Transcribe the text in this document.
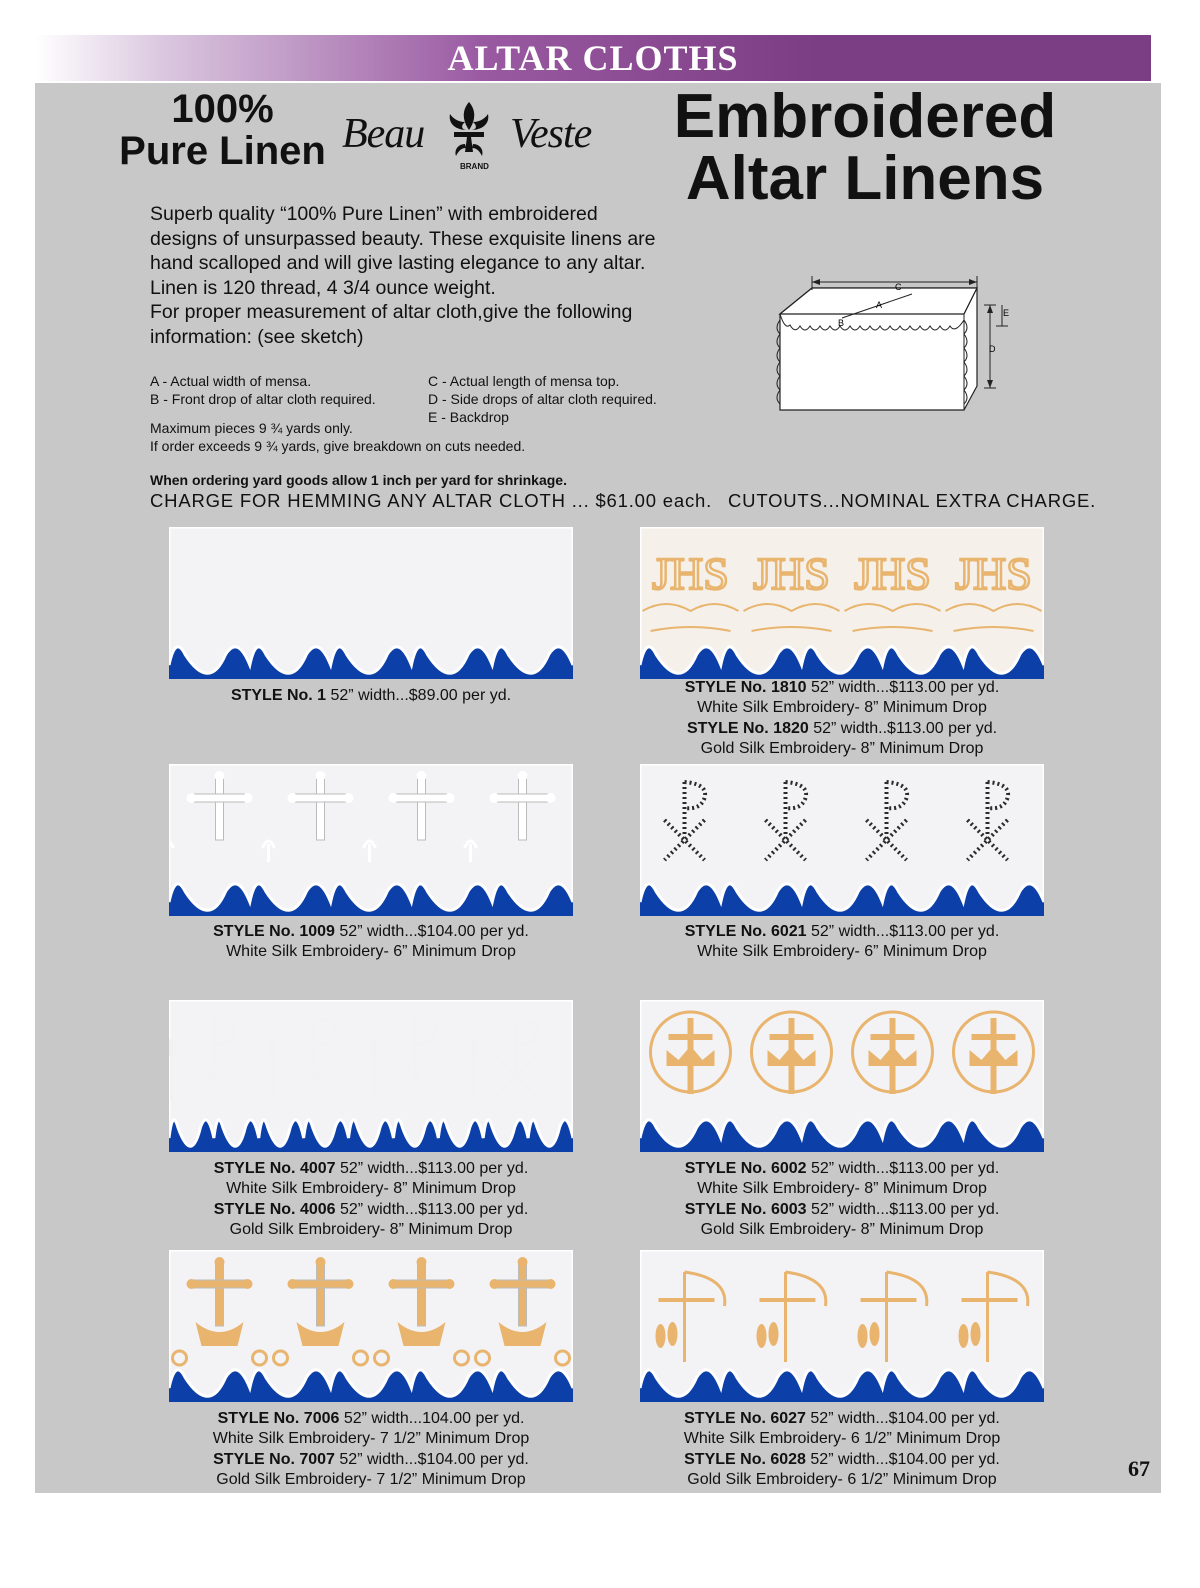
ALTAR CLOTHS
100%
Pure Linen Beau Veste
BRAND
Embroidered
Altar Linens
Superb quality “100% Pure Linen” with embroidered
designs of unsurpassed beauty. These exquisite linens are
hand scalloped and will give lasting elegance to any altar.
Linen is 120 thread, 4 3/4 ounce weight.
For proper measurement of altar cloth,give the following
information: (see sketch)
C
A
B
D
E
A - Actual width of mensa.
B - Front drop of altar cloth required.
C - Actual length of mensa top.
D - Side drops of altar cloth required.
E - Backdrop
Maximum pieces 9 ¾ yards only.
If order exceeds 9 ¾ yards, give breakdown on cuts needed.
When ordering yard goods allow 1 inch per yard for shrinkage.
CHARGE FOR HEMMING ANY ALTAR CLOTH ... $61.00 each. CUTOUTS...NOMINAL EXTRA CHARGE.
STYLE No. 1 52” width...$89.00 per yd.
JHS JHS JHS JHS
STYLE No. 1810 52” width...$113.00 per yd.
White Silk Embroidery- 8” Minimum Drop
STYLE No. 1820 52” width..$113.00 per yd.
Gold Silk Embroidery- 8” Minimum Drop
STYLE No. 1009 52” width...$104.00 per yd.
White Silk Embroidery- 6” Minimum Drop
STYLE No. 6021 52” width...$113.00 per yd.
White Silk Embroidery- 6” Minimum Drop
STYLE No. 4007 52” width...$113.00 per yd.
White Silk Embroidery- 8” Minimum Drop
STYLE No. 4006 52” width...$113.00 per yd.
Gold Silk Embroidery- 8” Minimum Drop
STYLE No. 6002 52” width...$113.00 per yd.
White Silk Embroidery- 8” Minimum Drop
STYLE No. 6003 52” width...$113.00 per yd.
Gold Silk Embroidery- 8” Minimum Drop
STYLE No. 7006 52” width...104.00 per yd.
White Silk Embroidery- 7 1/2” Minimum Drop
STYLE No. 7007 52” width...$104.00 per yd.
Gold Silk Embroidery- 7 1/2” Minimum Drop
STYLE No. 6027 52” width...$104.00 per yd.
White Silk Embroidery- 6 1/2” Minimum Drop
STYLE No. 6028 52” width...$104.00 per yd.
Gold Silk Embroidery- 6 1/2” Minimum Drop	67
